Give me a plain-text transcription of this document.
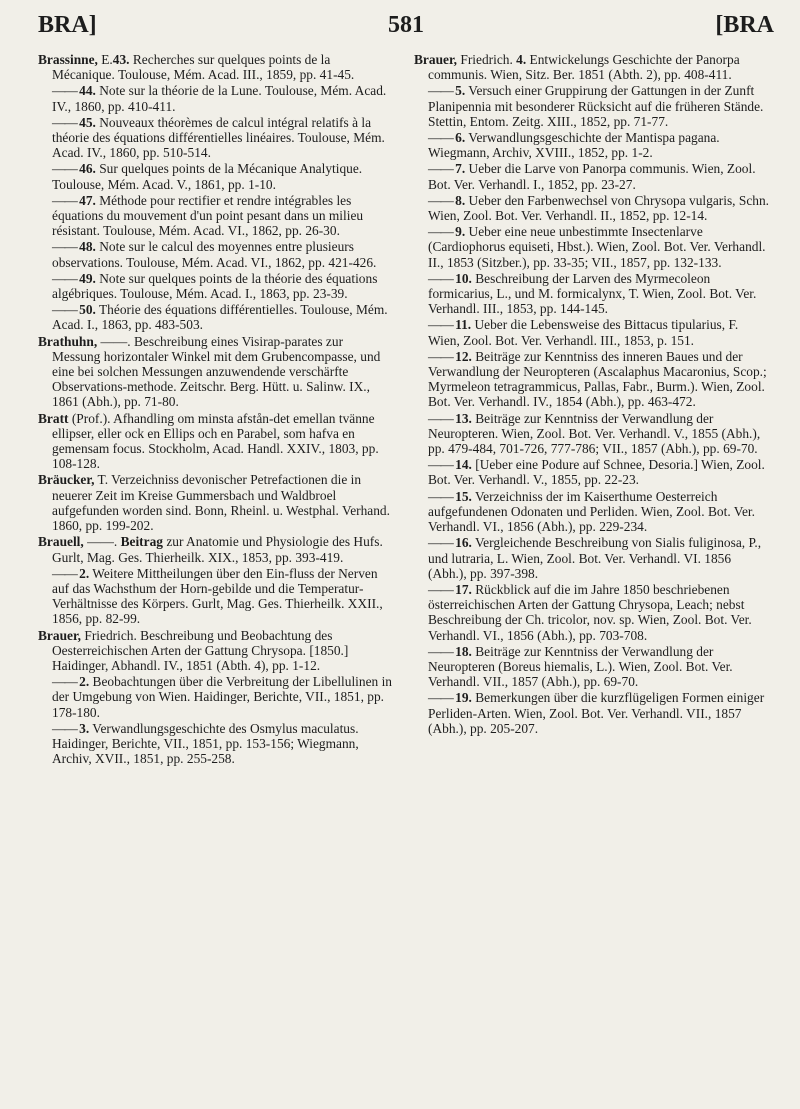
BRA]	581	[BRA
Brassinne, E.43. Recherches sur quelques points de la Mécanique. Toulouse, Mém. Acad. III., 1859, pp. 41-45.
—— 44. Note sur la théorie de la Lune. Toulouse, Mém. Acad. IV., 1860, pp. 410-411.
—— 45. Nouveaux théorèmes de calcul intégral relatifs à la théorie des équations différentielles linéaires. Toulouse, Mém. Acad. IV., 1860, pp. 510-514.
—— 46. Sur quelques points de la Mécanique Analytique. Toulouse, Mém. Acad. V., 1861, pp. 1-10.
—— 47. Méthode pour rectifier et rendre intégrables les équations du mouvement d'un point pesant dans un milieu résistant. Toulouse, Mém. Acad. VI., 1862, pp. 26-30.
—— 48. Note sur le calcul des moyennes entre plusieurs observations. Toulouse, Mém. Acad. VI., 1862, pp. 421-426.
—— 49. Note sur quelques points de la théorie des équations algébriques. Toulouse, Mém. Acad. I., 1863, pp. 23-39.
—— 50. Théorie des équations différentielles. Toulouse, Mém. Acad. I., 1863, pp. 483-503.
Brathuhn, ——. Beschreibung eines Visirap-parates zur Messung horizontaler Winkel mit dem Grubencompasse, und eine bei solchen Messungen anzuwendende verschärfte Observations-methode. Zeitschr. Berg. Hütt. u. Salinw. IX., 1861 (Abh.), pp. 71-80.
Bratt (Prof.). Afhandling om minsta afstån-det emellan tvänne ellipser, eller ock en Ellips och en Parabel, som hafva en gemensam focus. Stockholm, Acad. Handl. XXIV., 1803, pp. 108-128.
Bräucker, T. Verzeichniss devonischer Petrefactionen die in neuerer Zeit im Kreise Gummersbach und Waldbroel aufgefunden worden sind. Bonn, Rheinl. u. Westphal. Verhand. 1860, pp. 199-202.
Brauell, ——. Beitrag zur Anatomie und Physiologie des Hufs. Gurlt, Mag. Ges. Thierheilk. XIX., 1853, pp. 393-419.
—— 2. Weitere Mittheilungen über den Ein-fluss der Nerven auf das Wachsthum der Horn-gebilde und die Temperatur-Verhältnisse des Körpers. Gurlt, Mag. Ges. Thierheilk. XXII., 1856, pp. 82-99.
Brauer, Friedrich. Beschreibung und Beobachtung des Oesterreichischen Arten der Gattung Chrysopa. [1850.] Haidinger, Abhandl. IV., 1851 (Abth. 4), pp. 1-12.
—— 2. Beobachtungen über die Verbreitung der Libellulinen in der Umgebung von Wien. Haidinger, Berichte, VII., 1851, pp. 178-180.
—— 3. Verwandlungsgeschichte des Osmylus maculatus. Haidinger, Berichte, VII., 1851, pp. 153-156; Wiegmann, Archiv, XVII., 1851, pp. 255-258.
Brauer, Friedrich. 4. Entwickelungs Geschichte der Panorpa communis. Wien, Sitz. Ber. 1851 (Abth. 2), pp. 408-411.
—— 5. Versuch einer Gruppirung der Gattungen in der Zunft Planipennia mit besonderer Rücksicht auf die früheren Stände. Stettin, Entom. Zeitg. XIII., 1852, pp. 71-77.
—— 6. Verwandlungsgeschichte der Mantispa pagana. Wiegmann, Archiv, XVIII., 1852, pp. 1-2.
—— 7. Ueber die Larve von Panorpa communis. Wien, Zool. Bot. Ver. Verhandl. I., 1852, pp. 23-27.
—— 8. Ueber den Farbenwechsel von Chrysopa vulgaris, Schn. Wien, Zool. Bot. Ver. Verhandl. II., 1852, pp. 12-14.
—— 9. Ueber eine neue unbestimmte Insectenlarve (Cardiophorus equiseti, Hbst.). Wien, Zool. Bot. Ver. Verhandl. II., 1853 (Sitzber.), pp. 33-35; VII., 1857, pp. 132-133.
—— 10. Beschreibung der Larven des Myrmecoleon formicarius, L., und M. formicalynx, T. Wien, Zool. Bot. Ver. Verhandl. III., 1853, pp. 144-145.
—— 11. Ueber die Lebensweise des Bittacus tipularius, F. Wien, Zool. Bot. Ver. Verhandl. III., 1853, p. 151.
—— 12. Beiträge zur Kenntniss des inneren Baues und der Verwandlung der Neuropteren (Ascalaphus Macaronius, Scop.; Myrmeleon tetragrammicus, Pallas, Fabr., Burm.). Wien, Zool. Bot. Ver. Verhandl. IV., 1854 (Abh.), pp. 463-472.
—— 13. Beiträge zur Kenntniss der Verwandlung der Neuropteren. Wien, Zool. Bot. Ver. Verhandl. V., 1855 (Abh.), pp. 479-484, 701-726, 777-786; VII., 1857 (Abh.), pp. 69-70.
—— 14. [Ueber eine Podure auf Schnee, Desoria.] Wien, Zool. Bot. Ver. Verhandl. V., 1855, pp. 22-23.
—— 15. Verzeichniss der im Kaiserthume Oesterreich aufgefundenen Odonaten und Perliden. Wien, Zool. Bot. Ver. Verhandl. VI., 1856 (Abh.), pp. 229-234.
—— 16. Vergleichende Beschreibung von Sialis fuliginosa, P., und lutraria, L. Wien, Zool. Bot. Ver. Verhandl. VI. 1856 (Abh.), pp. 397-398.
—— 17. Rückblick auf die im Jahre 1850 beschriebenen österreichischen Arten der Gattung Chrysopa, Leach; nebst Beschreibung der Ch. tricolor, nov. sp. Wien, Zool. Bot. Ver. Verhandl. VI., 1856 (Abh.), pp. 703-708.
—— 18. Beiträge zur Kenntniss der Verwandlung der Neuropteren (Boreus hiemalis, L.). Wien, Zool. Bot. Ver. Verhandl. VII., 1857 (Abh.), pp. 69-70.
—— 19. Bemerkungen über die kurzflügeligen Formen einiger Perliden-Arten. Wien, Zool. Bot. Ver. Verhandl. VII., 1857 (Abh.), pp. 205-207.
